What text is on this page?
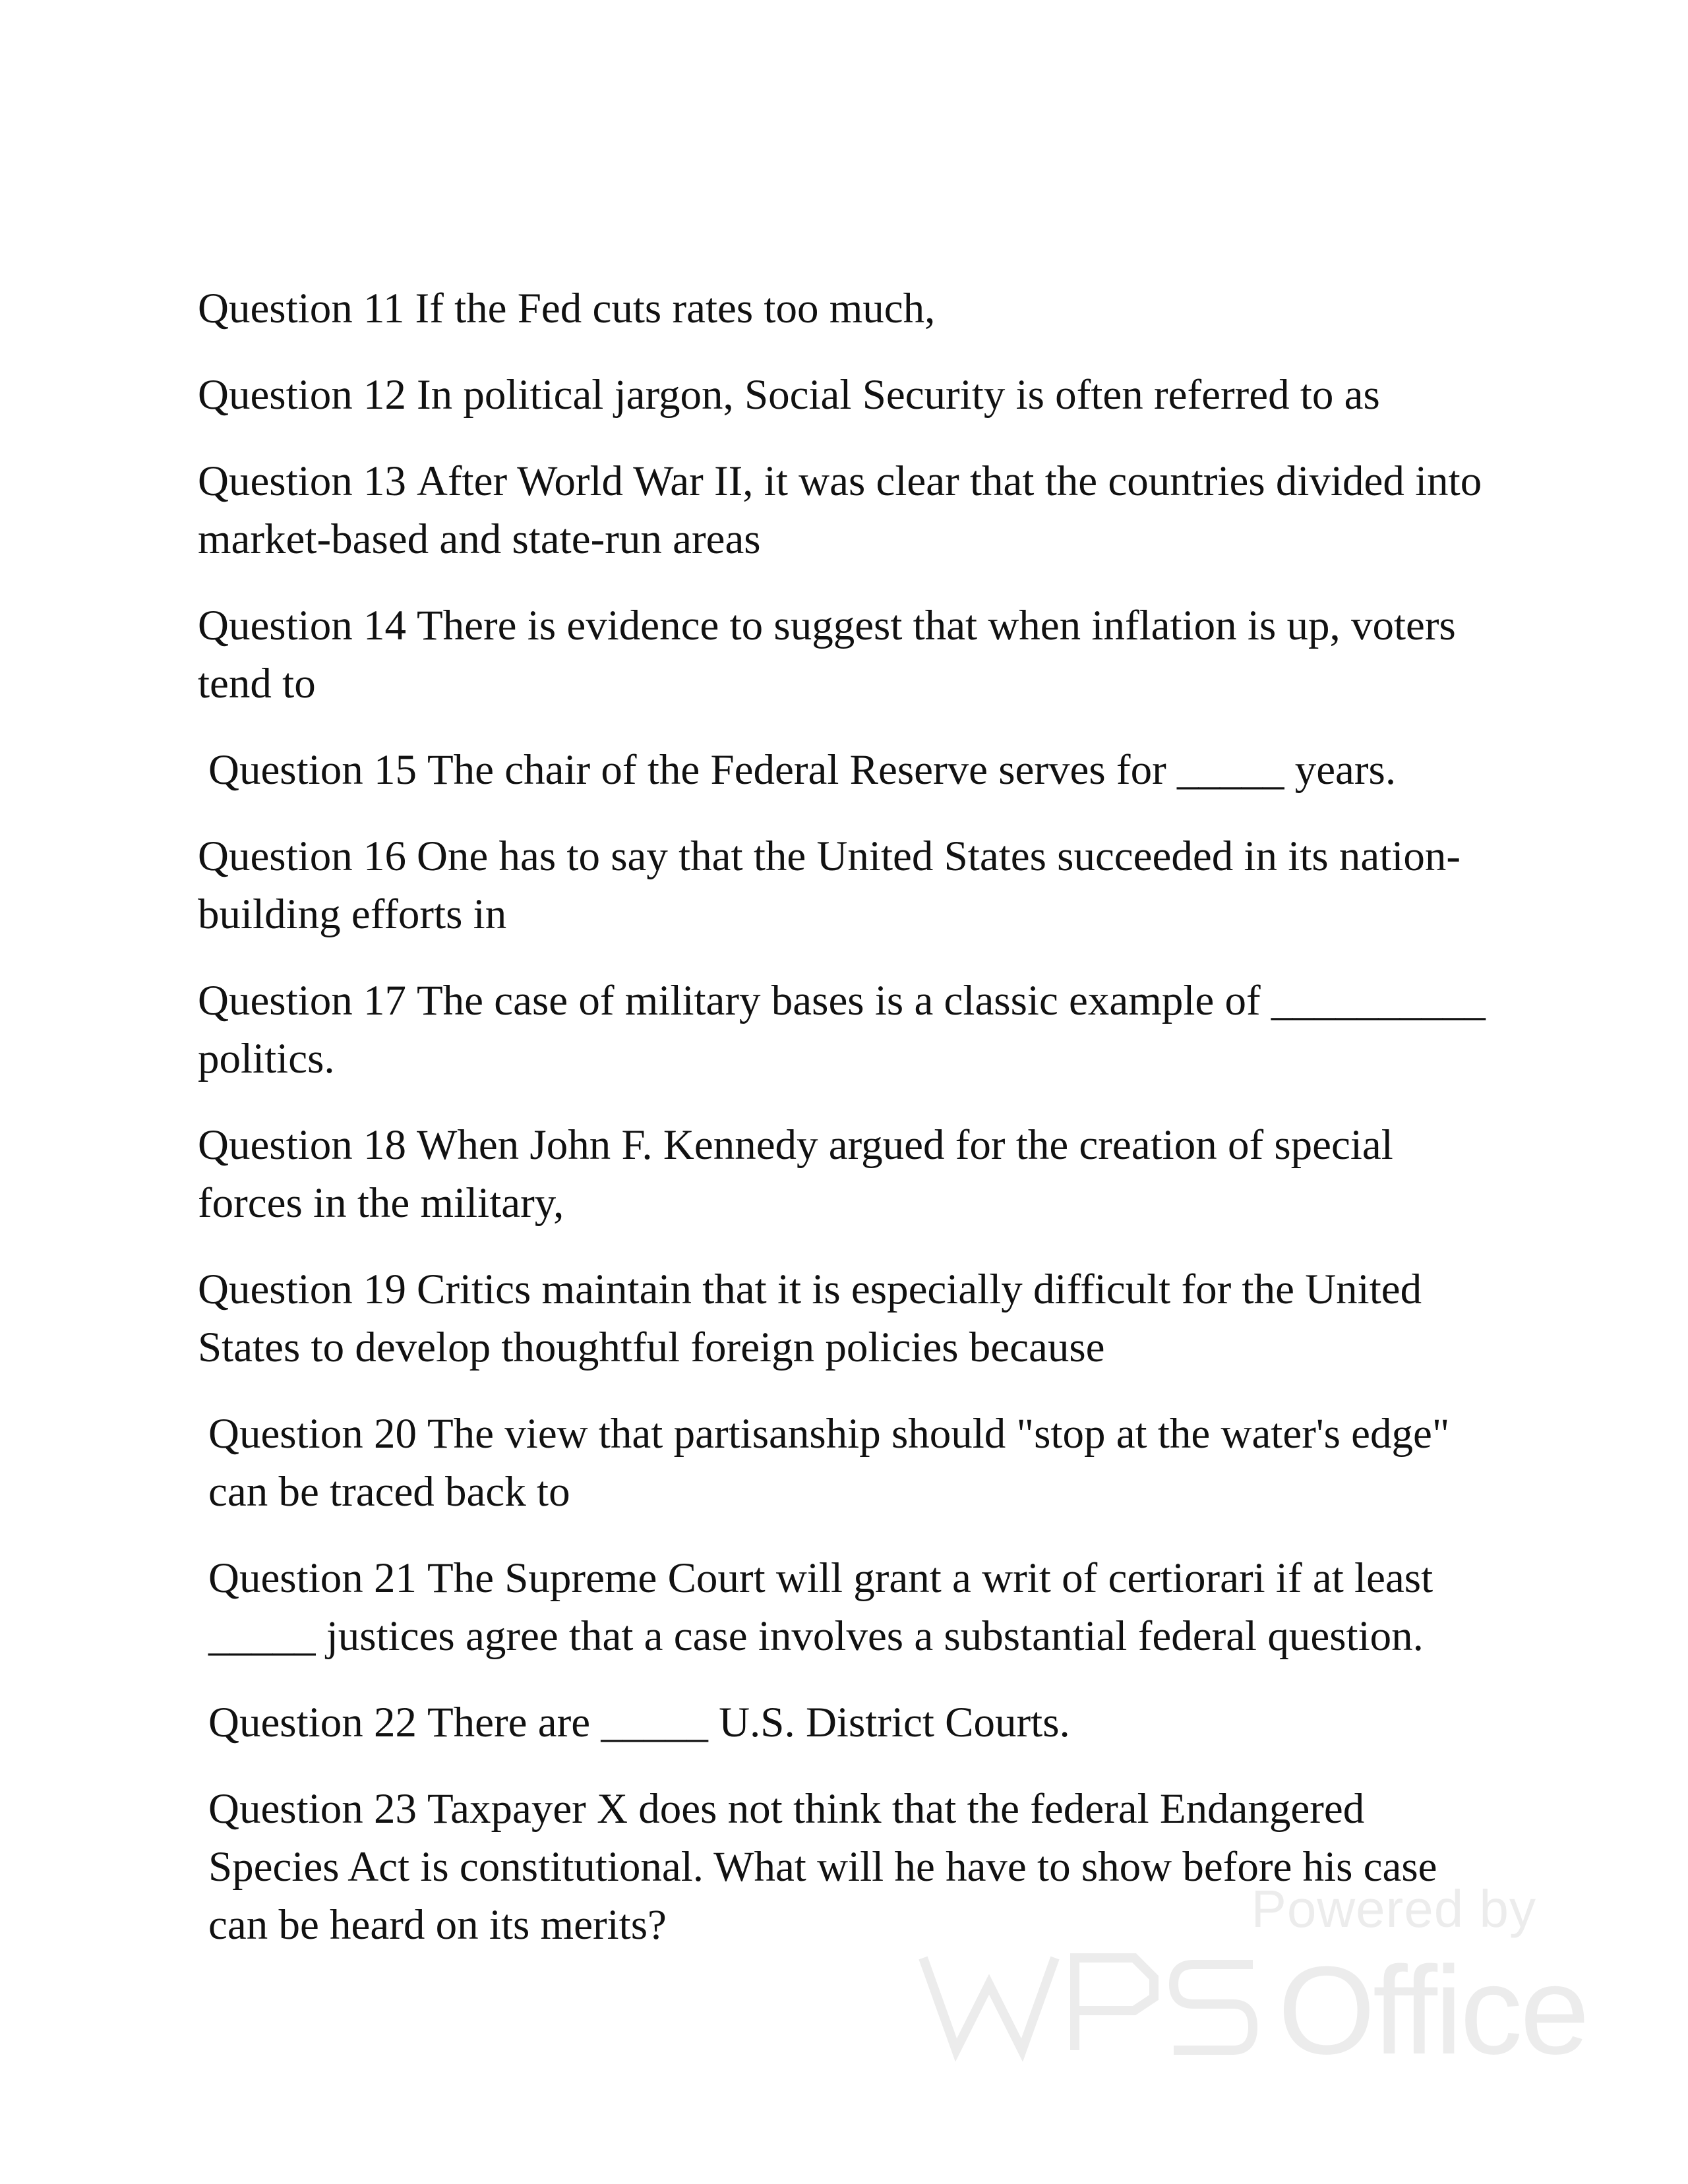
Question 11 If the Fed cuts rates too much,

Question 12 In political jargon, Social Security is often referred to as

Question 13 After World War II, it was clear that the countries divided into market-based and state-run areas

Question 14 There is evidence to suggest that when inflation is up, voters tend to

Question 15 The chair of the Federal Reserve serves for _____ years.

Question 16 One has to say that the United States succeeded in its nation-building efforts in

Question 17 The case of military bases is a classic example of __________ politics.

Question 18 When John F. Kennedy argued for the creation of special forces in the military,

Question 19 Critics maintain that it is especially difficult for the United States to develop thoughtful foreign policies because

Question 20 The view that partisanship should "stop at the water's edge" can be traced back to

Question 21 The Supreme Court will grant a writ of certiorari if at least _____ justices agree that a case involves a substantial federal question.

Question 22 There are _____ U.S. District Courts.

Question 23 Taxpayer X does not think that the federal Endangered Species Act is constitutional. What will he have to show before his case can be heard on its merits?	Powered by
Office
